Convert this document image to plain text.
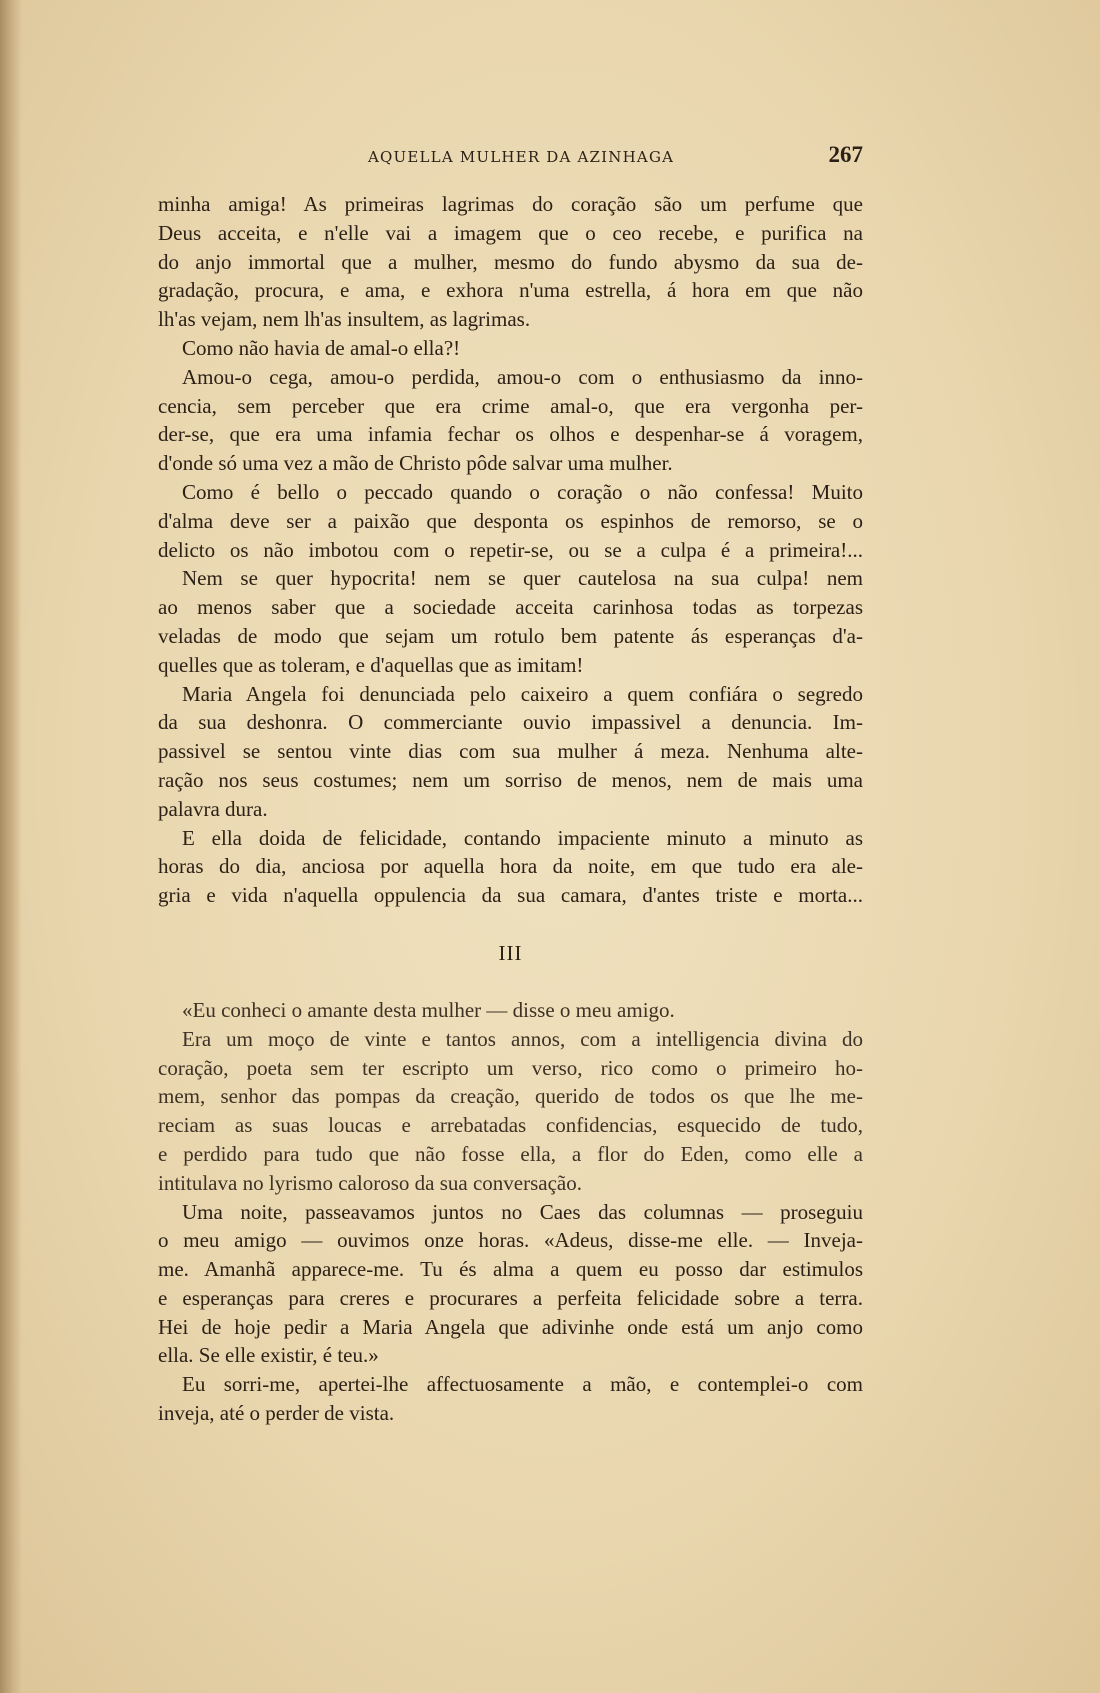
AQUELLA MULHER DA AZINHAGA	267
minha amiga! As primeiras lagrimas do coração são um perfume que
Deus acceita, e n'elle vai a imagem que o ceo recebe, e purifica na
do anjo immortal que a mulher, mesmo do fundo abysmo da sua de-
gradação, procura, e ama, e exhora n'uma estrella, á hora em que não
lh'as vejam, nem lh'as insultem, as lagrimas.
Como não havia de amal-o ella?!
Amou-o cega, amou-o perdida, amou-o com o enthusiasmo da inno-
cencia, sem perceber que era crime amal-o, que era vergonha per-
der-se, que era uma infamia fechar os olhos e despenhar-se á voragem,
d'onde só uma vez a mão de Christo pôde salvar uma mulher.
Como é bello o peccado quando o coração o não confessa! Muito
d'alma deve ser a paixão que desponta os espinhos de remorso, se o
delicto os não imbotou com o repetir-se, ou se a culpa é a primeira!...
Nem se quer hypocrita! nem se quer cautelosa na sua culpa! nem
ao menos saber que a sociedade acceita carinhosa todas as torpezas
veladas de modo que sejam um rotulo bem patente ás esperanças d'a-
quelles que as toleram, e d'aquellas que as imitam!
Maria Angela foi denunciada pelo caixeiro a quem confiára o segredo
da sua deshonra. O commerciante ouvio impassivel a denuncia. Im-
passivel se sentou vinte dias com sua mulher á meza. Nenhuma alte-
ração nos seus costumes; nem um sorriso de menos, nem de mais uma
palavra dura.
E ella doida de felicidade, contando impaciente minuto a minuto as
horas do dia, anciosa por aquella hora da noite, em que tudo era ale-
gria e vida n'aquella oppulencia da sua camara, d'antes triste e morta...
III
«Eu conheci o amante desta mulher — disse o meu amigo.
Era um moço de vinte e tantos annos, com a intelligencia divina do
coração, poeta sem ter escripto um verso, rico como o primeiro ho-
mem, senhor das pompas da creação, querido de todos os que lhe me-
reciam as suas loucas e arrebatadas confidencias, esquecido de tudo,
e perdido para tudo que não fosse ella, a flor do Eden, como elle a
intitulava no lyrismo caloroso da sua conversação.
Uma noite, passeavamos juntos no Caes das columnas — proseguiu
o meu amigo — ouvimos onze horas. «Adeus, disse-me elle. — Inveja-
me. Amanhã apparece-me. Tu és alma a quem eu posso dar estimulos
e esperanças para creres e procurares a perfeita felicidade sobre a terra.
Hei de hoje pedir a Maria Angela que adivinhe onde está um anjo como
ella. Se elle existir, é teu.»
Eu sorri-me, apertei-lhe affectuosamente a mão, e contemplei-o com
inveja, até o perder de vista.
